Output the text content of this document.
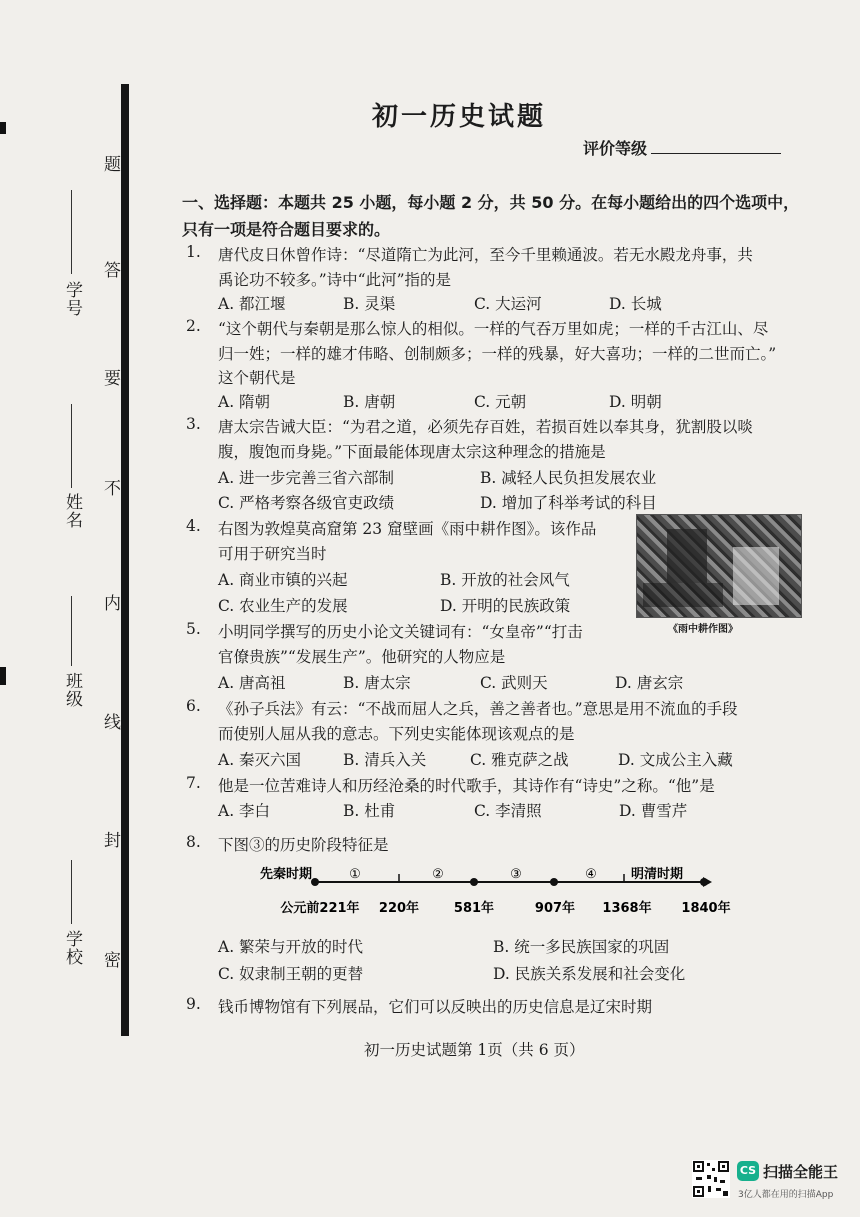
学校
班级
姓名
学号
密
封
线
内
不
要
答
题
初一历史试题
评价等级
一、选择题：本题共 25 小题，每小题 2 分，共 50 分。在每小题给出的四个选项中，
只有一项是符合题目要求的。
1. 唐代皮日休曾作诗：“尽道隋亡为此河，至今千里赖通波。若无水殿龙舟事，共
禹论功不较多。”诗中“此河”指的是
A. 都江堰	B. 灵渠	C. 大运河	D. 长城
2. “这个朝代与秦朝是那么惊人的相似。一样的气吞万里如虎；一样的千古江山、尽
归一姓；一样的雄才伟略、创制颇多；一样的残暴，好大喜功；一样的二世而亡。”
这个朝代是
A. 隋朝	B. 唐朝	C. 元朝	D. 明朝
3. 唐太宗告诫大臣：“为君之道，必须先存百姓，若损百姓以奉其身，犹割股以啖
腹，腹饱而身毙。”下面最能体现唐太宗这种理念的措施是
A. 进一步完善三省六部制	B. 减轻人民负担发展农业
C. 严格考察各级官吏政绩	D. 增加了科举考试的科目
4. 右图为敦煌莫高窟第 23 窟壁画《雨中耕作图》。该作品
可用于研究当时
A. 商业市镇的兴起	B. 开放的社会风气
C. 农业生产的发展	D. 开明的民族政策
《雨中耕作图》
5. 小明同学撰写的历史小论文关键词有：“女皇帝”“打击
官僚贵族”“发展生产”。他研究的人物应是
A. 唐高祖	B. 唐太宗	C. 武则天	D. 唐玄宗
6. 《孙子兵法》有云：“不战而屈人之兵，善之善者也。”意思是用不流血的手段
而使别人屈从我的意志。下列史实能体现该观点的是
A. 秦灭六国	B. 清兵入关	C. 雅克萨之战	D. 文成公主入藏
7. 他是一位苦难诗人和历经沧桑的时代歌手，其诗作有“诗史”之称。“他”是
A. 李白	B. 杜甫	C. 李清照	D. 曹雪芹
8. 下图③的历史阶段特征是
先秦时期	明清时期
①	②	③	④
公元前221年 220年	581年	907年 1368年 1840年
A. 繁荣与开放的时代	B. 统一多民族国家的巩固
C. 奴隶制王朝的更替	D. 民族关系发展和社会变化
9. 钱币博物馆有下列展品，它们可以反映出的历史信息是辽宋时期
初一历史试题第 1页（共 6 页）
CS 扫描全能王
3亿人都在用的扫描App
